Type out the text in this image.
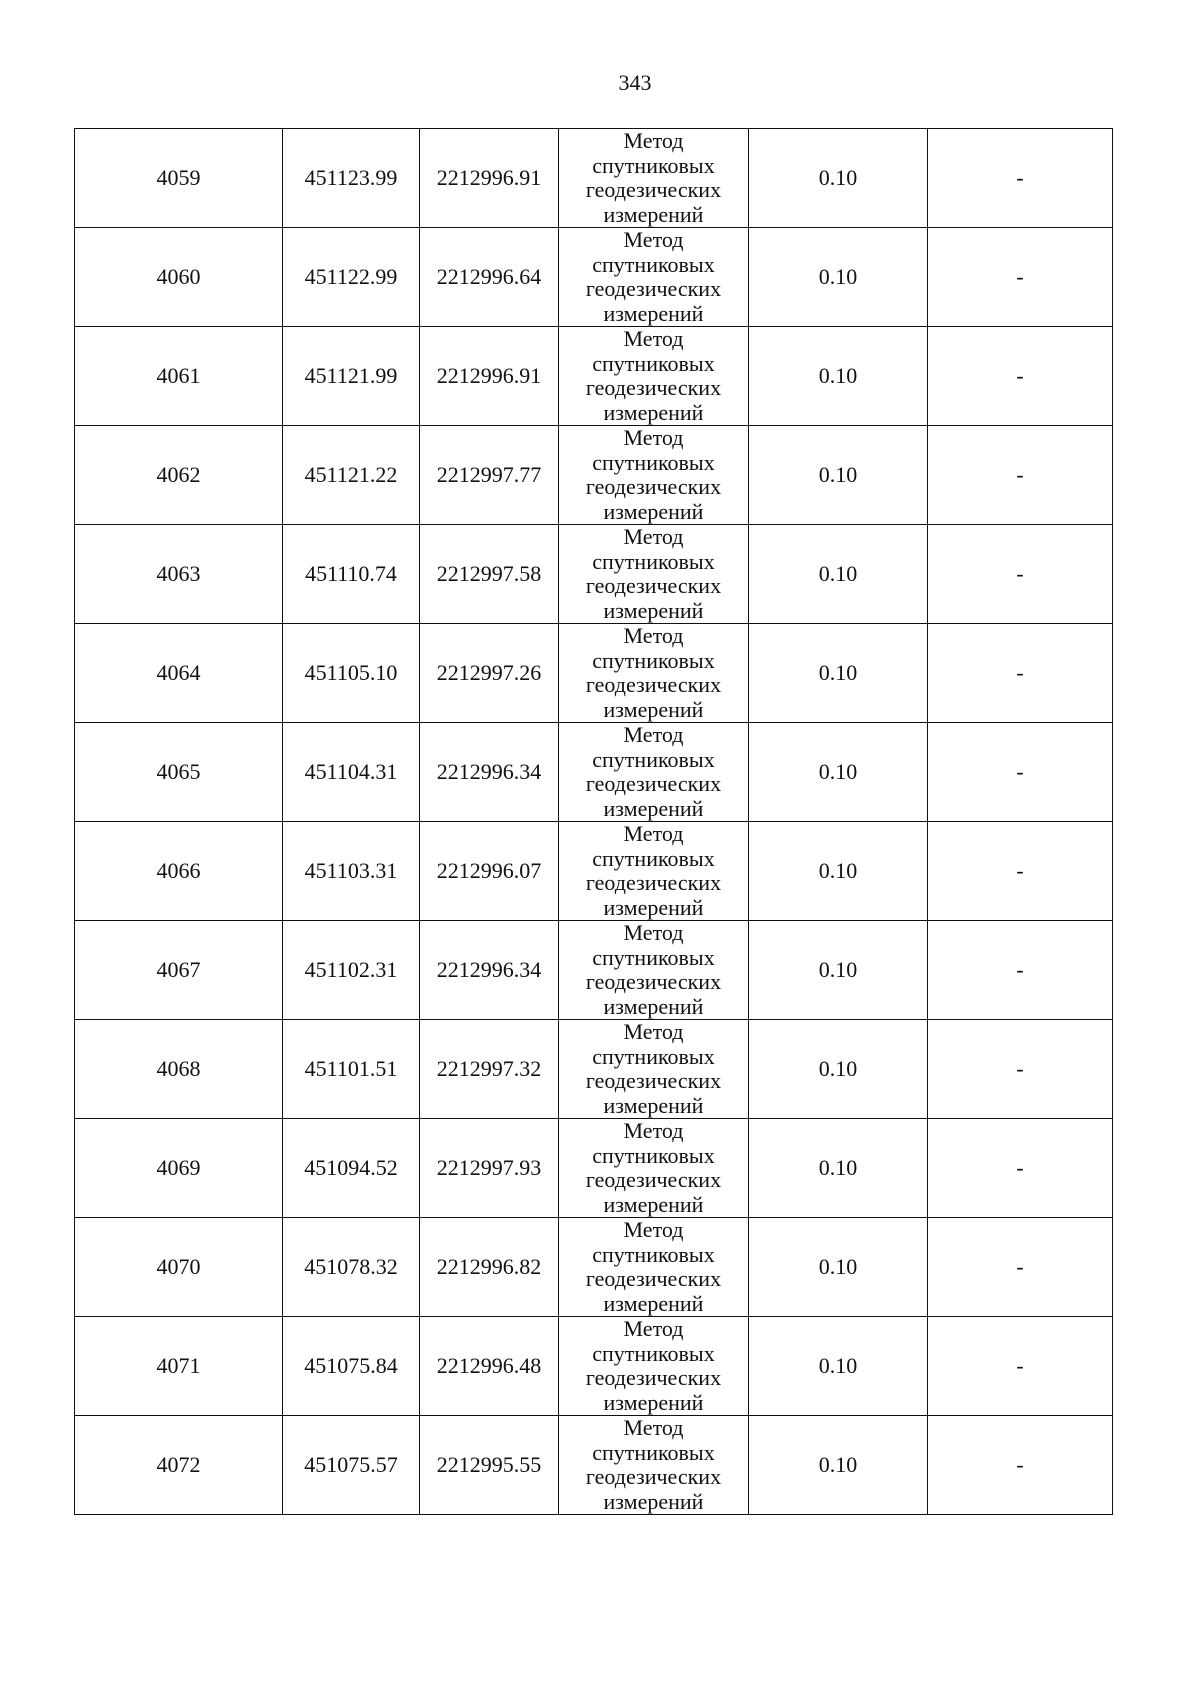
343
4059	451123.99	2212996.91	Метод
спутниковых
геодезических
измерений	0.10	-
4060	451122.99	2212996.64	Метод
спутниковых
геодезических
измерений	0.10	-
4061	451121.99	2212996.91	Метод
спутниковых
геодезических
измерений	0.10	-
4062	451121.22	2212997.77	Метод
спутниковых
геодезических
измерений	0.10	-
4063	451110.74	2212997.58	Метод
спутниковых
геодезических
измерений	0.10	-
4064	451105.10	2212997.26	Метод
спутниковых
геодезических
измерений	0.10	-
4065	451104.31	2212996.34	Метод
спутниковых
геодезических
измерений	0.10	-
4066	451103.31	2212996.07	Метод
спутниковых
геодезических
измерений	0.10	-
4067	451102.31	2212996.34	Метод
спутниковых
геодезических
измерений	0.10	-
4068	451101.51	2212997.32	Метод
спутниковых
геодезических
измерений	0.10	-
4069	451094.52	2212997.93	Метод
спутниковых
геодезических
измерений	0.10	-
4070	451078.32	2212996.82	Метод
спутниковых
геодезических
измерений	0.10	-
4071	451075.84	2212996.48	Метод
спутниковых
геодезических
измерений	0.10	-
4072	451075.57	2212995.55	Метод
спутниковых
геодезических
измерений	0.10	-
